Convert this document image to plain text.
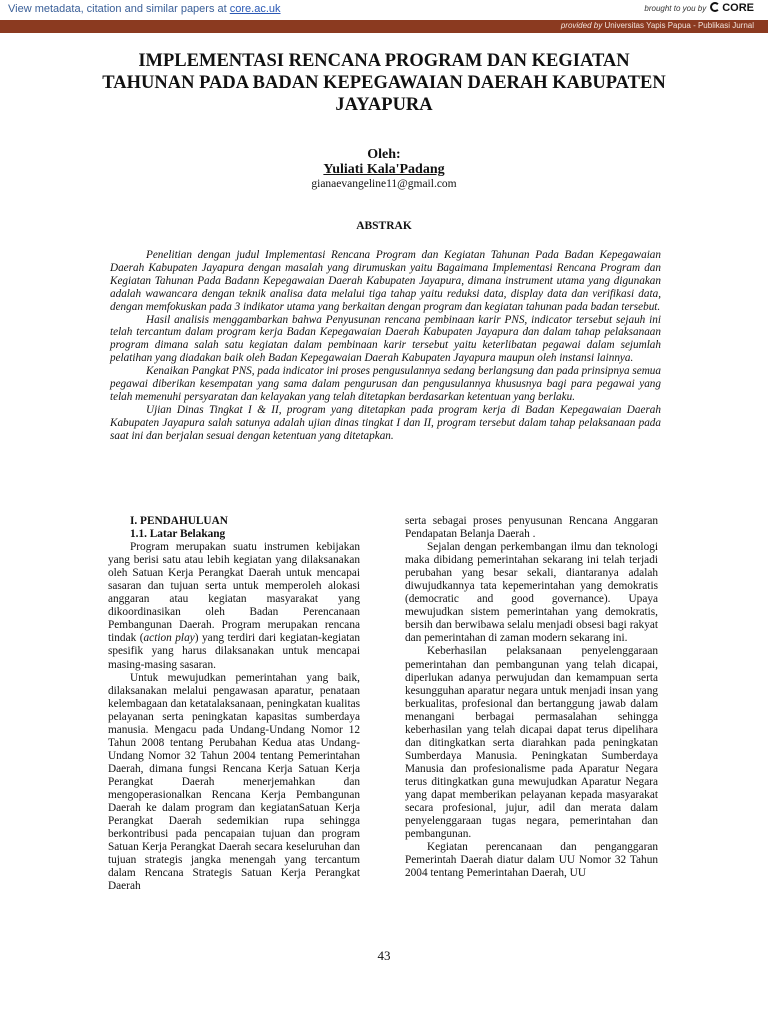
View metadata, citation and similar papers at core.ac.uk	brought to you by	CORE
provided by Universitas Yapis Papua - Publikasi Jurnal
IMPLEMENTASI RENCANA PROGRAM DAN KEGIATAN
TAHUNAN PADA BADAN KEPEGAWAIAN DAERAH KABUPATEN
JAYAPURA
Oleh:
Yuliati Kala'Padang
gianaevangeline11@gmail.com
ABSTRAK

Penelitian dengan judul Implementasi Rencana Program dan Kegiatan Tahunan Pada Badan Kepegawaian Daerah Kabupaten Jayapura dengan masalah yang dirumuskan yaitu Bagaimana Implementasi Rencana Program dan Kegiatan Tahunan Pada Badann Kepegawaian Daerah Kabupaten Jayapura, dimana instrument utama yang digunakan adalah wawancara dengan teknik analisa data melalui tiga tahap yaitu reduksi data, display data dan verifikasi data, dengan memfokuskan pada 3 indikator utama yang berkaitan dengan program dan kegiatan tahunan pada badan tersebut.

Hasil analisis menggambarkan bahwa Penyusunan rencana pembinaan karir PNS, indicator tersebut sejauh ini telah tercantum dalam program kerja Badan Kepegawaian Daerah Kabupaten Jayapura dan dalam tahap pelaksanaan program dimana salah satu kegiatan dalam pembinaan karir tersebut yaitu keterlibatan pegawai dalam sejumlah pelatihan yang diadakan baik oleh Badan Kepegawaian Daerah Kabupaten Jayapura maupun oleh instansi lainnya.

Kenaikan Pangkat PNS, pada indicator ini proses pengusulannya sedang berlangsung dan pada prinsipnya semua pegawai diberikan kesempatan yang sama dalam pengurusan dan pengusulannya khususnya bagi para pegawai yang telah memenuhi persyaratan dan kelayakan yang telah ditetapkan berdasarkan ketentuan yang berlaku.

Ujian Dinas Tingkat I & II, program yang ditetapkan pada program kerja di Badan Kepegawaian Daerah Kabupaten Jayapura salah satunya adalah ujian dinas tingkat I dan II, program tersebut dalam tahap pelaksanaan pada saat ini dan berjalan sesuai dengan ketentuan yang ditetapkan.

I. PENDAHULUAN

1.1. Latar Belakang

Program merupakan suatu instrumen kebijakan yang berisi satu atau lebih kegiatan yang dilaksanakan oleh Satuan Kerja Perangkat Daerah untuk mencapai sasaran dan tujuan serta untuk memperoleh alokasi anggaran atau kegiatan masyarakat yang dikoordinasikan oleh Badan Perencanaan Pembangunan Daerah. Program merupakan rencana tindak (action play) yang terdiri dari kegiatan-kegiatan spesifik yang harus dilaksanakan untuk mencapai masing-masing sasaran.

Untuk mewujudkan pemerintahan yang baik, dilaksanakan melalui pengawasan aparatur, penataan kelembagaan dan ketatalaksanaan, peningkatan kualitas pelayanan serta peningkatan kapasitas sumberdaya manusia. Mengacu pada Undang-Undang Nomor 12 Tahun 2008 tentang Perubahan Kedua atas Undang-Undang Nomor 32 Tahun 2004 tentang Pemerintahan Daerah, dimana fungsi Rencana Kerja Satuan Kerja Perangkat Daerah menerjemahkan dan mengoperasionalkan Rencana Kerja Pembangunan Daerah ke dalam program dan kegiatanSatuan Kerja Perangkat Daerah sedemikian rupa sehingga berkontribusi pada pencapaian tujuan dan program Satuan Kerja Perangkat Daerah secara keseluruhan dan tujuan strategis jangka menengah yang tercantum dalam Rencana Strategis Satuan Kerja Perangkat Daerah

serta sebagai proses penyusunan Rencana Anggaran Pendapatan Belanja Daerah .

Sejalan dengan perkembangan ilmu dan teknologi maka dibidang pemerintahan sekarang ini telah terjadi perubahan yang besar sekali, diantaranya adalah diwujudkannya tata kepemerintahan yang demokratis (democratic and good governance). Upaya mewujudkan sistem pemerintahan yang demokratis, bersih dan berwibawa selalu menjadi obsesi bagi rakyat dan pemerintahan di zaman modern sekarang ini.

Keberhasilan pelaksanaan penyelenggaraan pemerintahan dan pembangunan yang telah dicapai, diperlukan adanya perwujudan dan kemampuan serta kesungguhan aparatur negara untuk menjadi insan yang berkualitas, profesional dan bertanggung jawab dalam menangani berbagai permasalahan sehingga keberhasilan yang telah dicapai dapat terus dipelihara dan ditingkatkan serta diarahkan pada peningkatan Sumberdaya Manusia. Peningkatan Sumberdaya Manusia dan profesionalisme pada Aparatur Negara terus ditingkatkan guna mewujudkan Aparatur Negara yang dapat memberikan pelayanan kepada masyarakat secara profesional, jujur, adil dan merata dalam penyelenggaraan tugas negara, pemerintahan dan pembangunan.

Kegiatan perencanaan dan penganggaran Pemerintah Daerah diatur dalam UU Nomor 32 Tahun 2004 tentang Pemerintahan Daerah, UU

43
